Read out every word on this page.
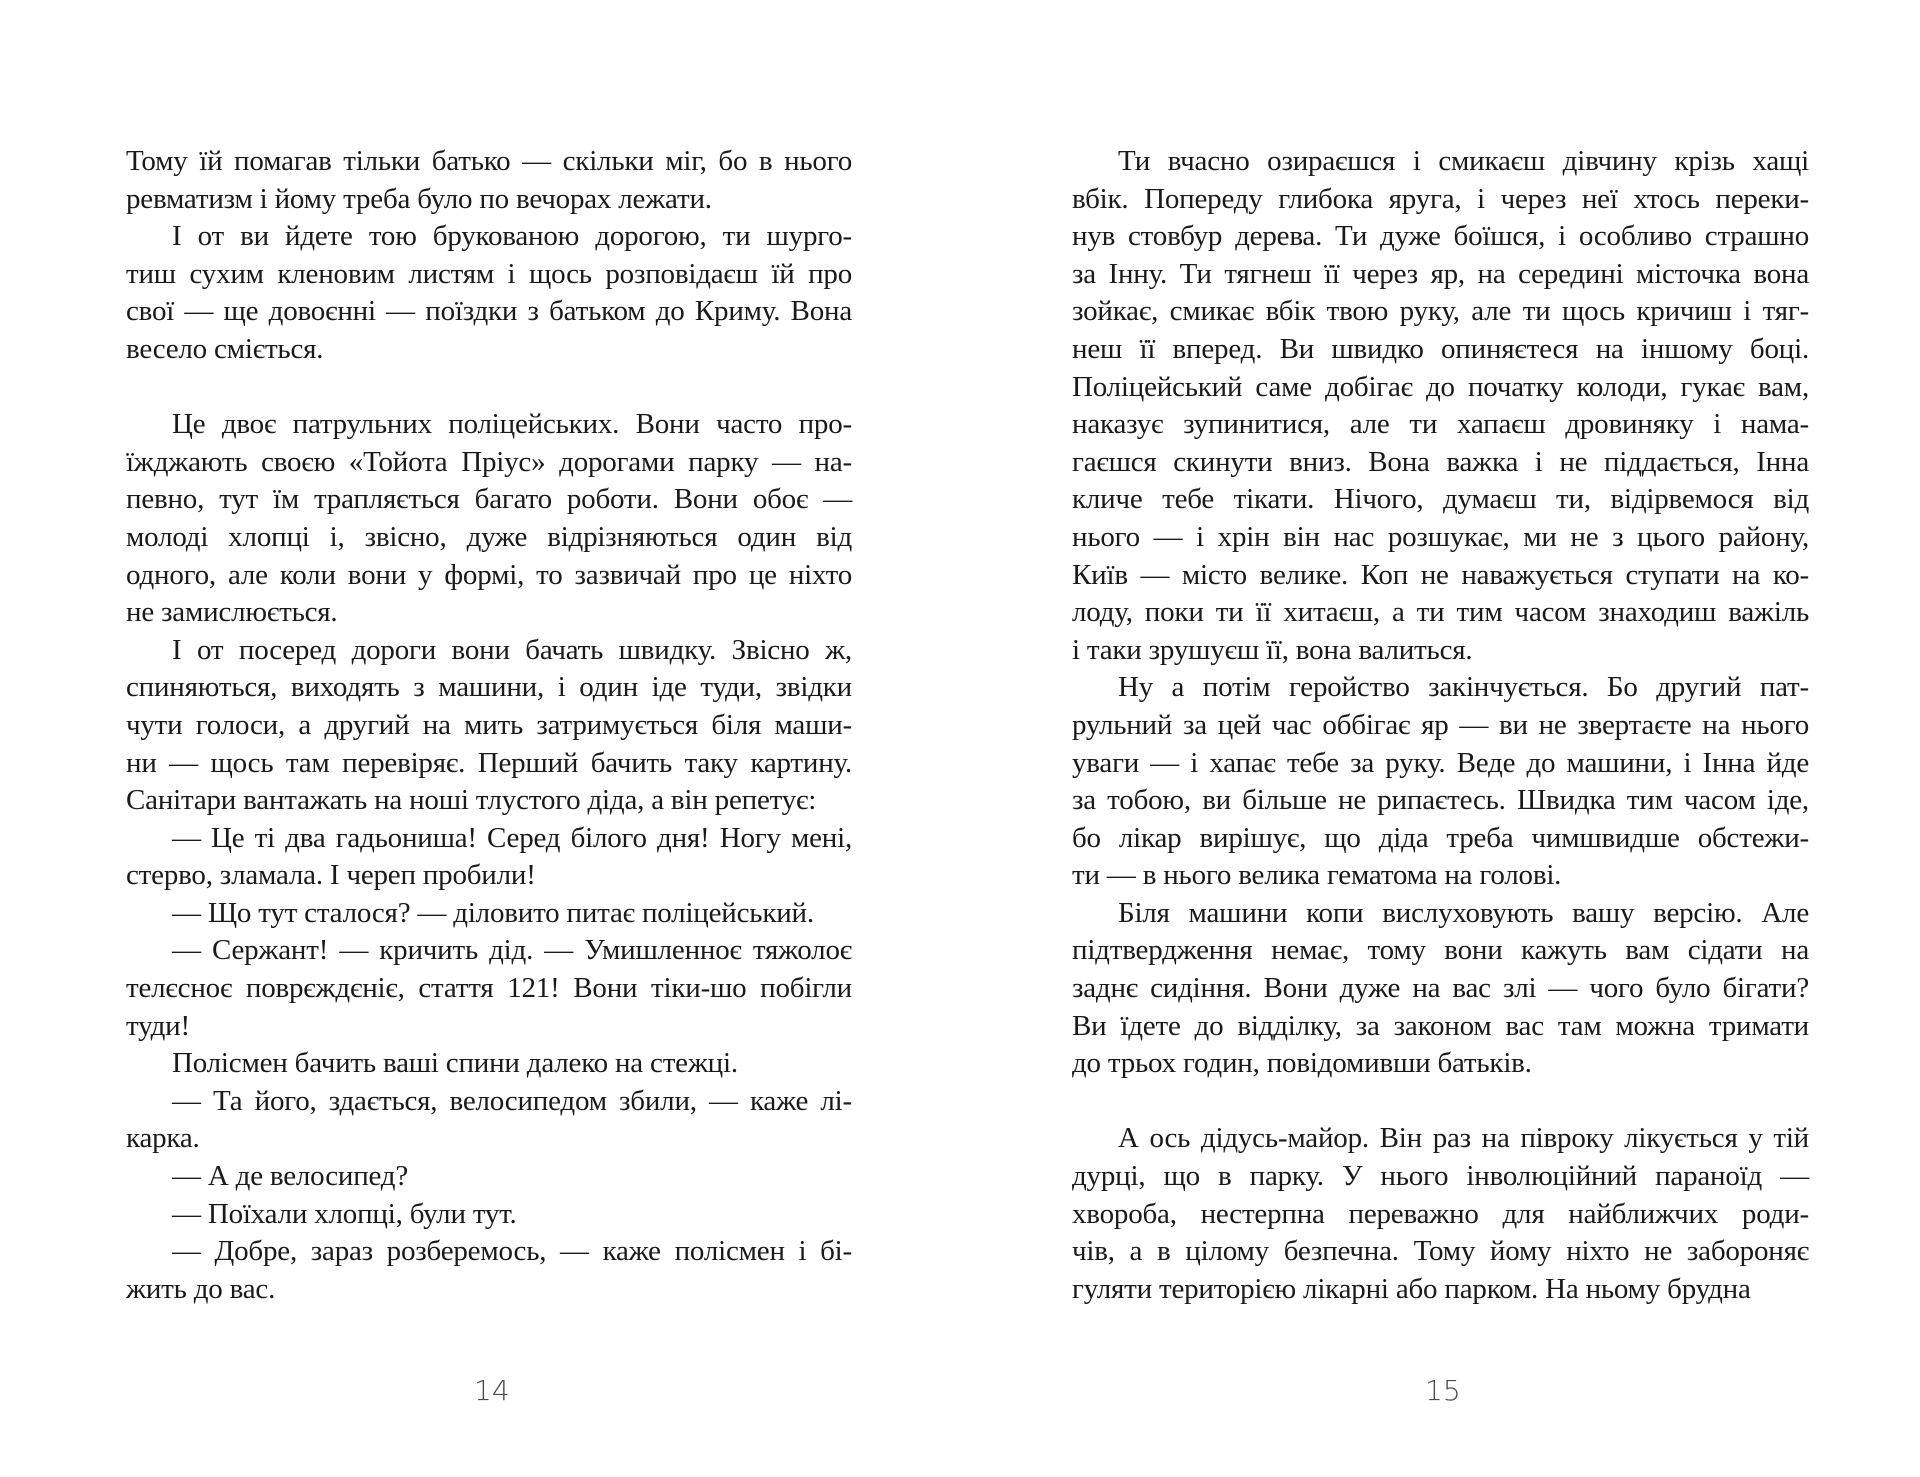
Тому їй помагав тільки батько — скільки міг, бо в нього
ревматизм і йому треба було по вечорах лежати.

І от ви йдете тою брукованою дорогою, ти шурго-
тиш сухим кленовим листям і щось розповідаєш їй про
свої — ще довоєнні — поїздки з батьком до Криму. Вона
весело сміється.

Це двоє патрульних поліцейських. Вони часто про-
їжджають своєю «Тойота Пріус» дорогами парку — на-
певно, тут їм трапляється багато роботи. Вони обоє —
молоді хлопці і, звісно, дуже відрізняються один від
одного, але коли вони у формі, то зазвичай про це ніхто
не замислюється.

І от посеред дороги вони бачать швидку. Звісно ж,
спиняються, виходять з машини, і один іде туди, звідки
чути голоси, а другий на мить затримується біля маши-
ни — щось там перевіряє. Перший бачить таку картину.
Санітари вантажать на ноші тлустого діда, а він репетує:

— Це ті два гадьониша! Серед білого дня! Ногу мені,
стерво, зламала. І череп пробили!

— Що тут сталося? — діловито питає поліцейський.

— Сержант! — кричить дід. — Умишленноє тяжолоє
телєсноє поврєждєніє, стаття 121! Вони тіки-шо побігли
туди!

Полісмен бачить ваші спини далеко на стежці.

— Та його, здається, велосипедом збили, — каже лі-
карка.

— А де велосипед?

— Поїхали хлопці, були тут.

— Добре, зараз розберемось, — каже полісмен і бі-
жить до вас.

14

Ти вчасно озираєшся і смикаєш дівчину крізь хащі
вбік. Попереду глибока яруга, і через неї хтось переки-
нув стовбур дерева. Ти дуже боїшся, і особливо страшно
за Інну. Ти тягнеш її через яр, на середині місточка вона
зойкає, смикає вбік твою руку, але ти щось кричиш і тяг-
неш її вперед. Ви швидко опиняєтеся на іншому боці.
Поліцейський саме добігає до початку колоди, гукає вам,
наказує зупинитися, але ти хапаєш дровиняку і нама-
гаєшся скинути вниз. Вона важка і не піддається, Інна
кличе тебе тікати. Нічого, думаєш ти, відірвемося від
нього — і хрін він нас розшукає, ми не з цього району,
Київ — місто велике. Коп не наважується ступати на ко-
лоду, поки ти її хитаєш, а ти тим часом знаходиш важіль
і таки зрушуєш її, вона валиться.

Ну а потім геройство закінчується. Бо другий пат-
рульний за цей час оббігає яр — ви не звертаєте на нього
уваги — і хапає тебе за руку. Веде до машини, і Інна йде
за тобою, ви більше не рипаєтесь. Швидка тим часом іде,
бо лікар вирішує, що діда треба чимшвидше обстежи-
ти — в нього велика гематома на голові.

Біля машини копи вислуховують вашу версію. Але
підтвердження немає, тому вони кажуть вам сідати на
заднє сидіння. Вони дуже на вас злі — чого було бігати?
Ви їдете до відділку, за законом вас там можна тримати
до трьох годин, повідомивши батьків.

А ось дідусь-майор. Він раз на півроку лікується у тій
дурці, що в парку. У нього інволюційний параноїд —
хвороба, нестерпна переважно для найближчих роди-
чів, а в цілому безпечна. Тому йому ніхто не забороняє
гуляти територією лікарні або парком. На ньому брудна

15
